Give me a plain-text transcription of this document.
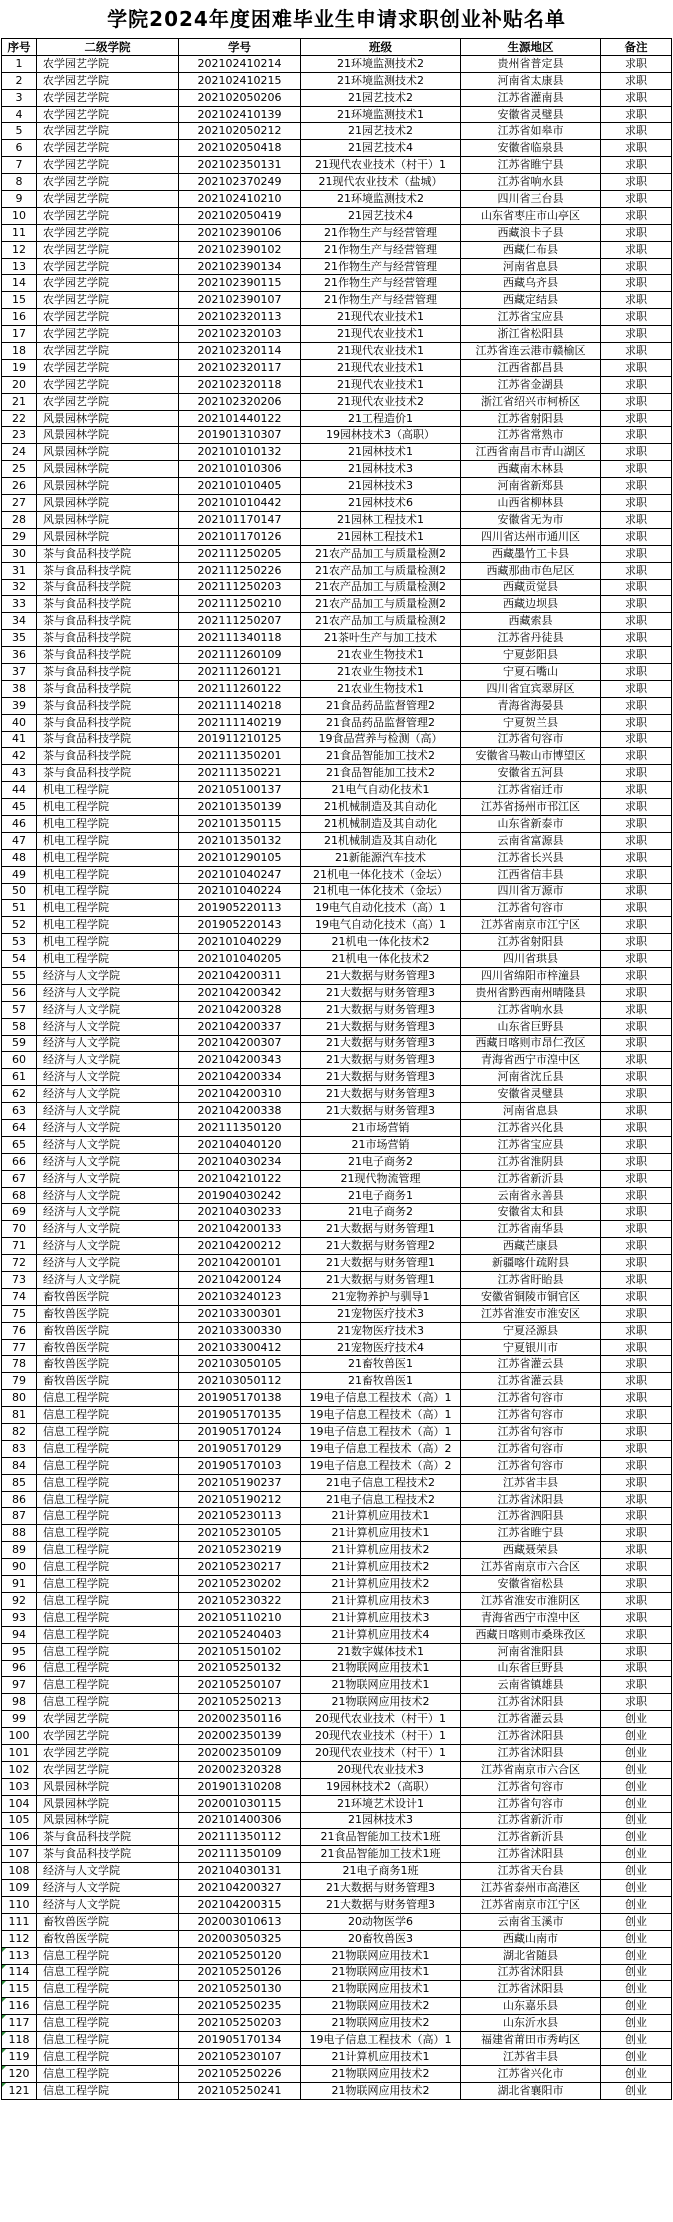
学院2024年度困难毕业生申请求职创业补贴名单
序号	二级学院	学号	班级	生源地区	备注
1	农学园艺学院	202102410214	21环境监测技术2	贵州省普定县	求职
2	农学园艺学院	202102410215	21环境监测技术2	河南省太康县	求职
3	农学园艺学院	202102050206	21园艺技术2	江苏省灌南县	求职
4	农学园艺学院	202102410139	21环境监测技术1	安徽省灵璧县	求职
5	农学园艺学院	202102050212	21园艺技术2	江苏省如皋市	求职
6	农学园艺学院	202102050418	21园艺技术4	安徽省临泉县	求职
7	农学园艺学院	202102350131	21现代农业技术（村干）1	江苏省睢宁县	求职
8	农学园艺学院	202102370249	21现代农业技术（盐城）	江苏省响水县	求职
9	农学园艺学院	202102410210	21环境监测技术2	四川省三台县	求职
10	农学园艺学院	202102050419	21园艺技术4	山东省枣庄市山亭区	求职
11	农学园艺学院	202102390106	21作物生产与经营管理	西藏浪卡子县	求职
12	农学园艺学院	202102390102	21作物生产与经营管理	西藏仁布县	求职
13	农学园艺学院	202102390134	21作物生产与经营管理	河南省息县	求职
14	农学园艺学院	202102390115	21作物生产与经营管理	西藏乌齐县	求职
15	农学园艺学院	202102390107	21作物生产与经营管理	西藏定结县	求职
16	农学园艺学院	202102320113	21现代农业技术1	江苏省宝应县	求职
17	农学园艺学院	202102320103	21现代农业技术1	浙江省松阳县	求职
18	农学园艺学院	202102320114	21现代农业技术1	江苏省连云港市赣榆区	求职
19	农学园艺学院	202102320117	21现代农业技术1	江西省都昌县	求职
20	农学园艺学院	202102320118	21现代农业技术1	江苏省金湖县	求职
21	农学园艺学院	202102320206	21现代农业技术2	浙江省绍兴市柯桥区	求职
22	风景园林学院	202101440122	21工程造价1	江苏省射阳县	求职
23	风景园林学院	201901310307	19园林技术3（高职）	江苏省常熟市	求职
24	风景园林学院	202101010132	21园林技术1	江西省南昌市青山湖区	求职
25	风景园林学院	202101010306	21园林技术3	西藏南木林县	求职
26	风景园林学院	202101010405	21园林技术3	河南省新郑县	求职
27	风景园林学院	202101010442	21园林技术6	山西省柳林县	求职
28	风景园林学院	202101170147	21园林工程技术1	安徽省无为市	求职
29	风景园林学院	202101170126	21园林工程技术1	四川省达州市通川区	求职
30	茶与食品科技学院	202111250205	21农产品加工与质量检测2	西藏墨竹工卡县	求职
31	茶与食品科技学院	202111250226	21农产品加工与质量检测2	西藏那曲市色尼区	求职
32	茶与食品科技学院	202111250203	21农产品加工与质量检测2	西藏贡觉县	求职
33	茶与食品科技学院	202111250210	21农产品加工与质量检测2	西藏边坝县	求职
34	茶与食品科技学院	202111250207	21农产品加工与质量检测2	西藏索县	求职
35	茶与食品科技学院	202111340118	21茶叶生产与加工技术	江苏省丹徒县	求职
36	茶与食品科技学院	202111260109	21农业生物技术1	宁夏彭阳县	求职
37	茶与食品科技学院	202111260121	21农业生物技术1	宁夏石嘴山	求职
38	茶与食品科技学院	202111260122	21农业生物技术1	四川省宜宾翠屏区	求职
39	茶与食品科技学院	202111140218	21食品药品监督管理2	青海省海晏县	求职
40	茶与食品科技学院	202111140219	21食品药品监督管理2	宁夏贺兰县	求职
41	茶与食品科技学院	201911210125	19食品营养与检测（高）	江苏省句容市	求职
42	茶与食品科技学院	202111350201	21食品智能加工技术2	安徽省马鞍山市博望区	求职
43	茶与食品科技学院	202111350221	21食品智能加工技术2	安徽省五河县	求职
44	机电工程学院	202105100137	21电气自动化技术1	江苏省宿迁市	求职
45	机电工程学院	202101350139	21机械制造及其自动化	江苏省扬州市邗江区	求职
46	机电工程学院	202101350115	21机械制造及其自动化	山东省新泰市	求职
47	机电工程学院	202101350132	21机械制造及其自动化	云南省富源县	求职
48	机电工程学院	202101290105	21新能源汽车技术	江苏省长兴县	求职
49	机电工程学院	202101040247	21机电一体化技术（金坛）	江西省信丰县	求职
50	机电工程学院	202101040224	21机电一体化技术（金坛）	四川省万源市	求职
51	机电工程学院	201905220113	19电气自动化技术（高）1	江苏省句容市	求职
52	机电工程学院	201905220143	19电气自动化技术（高）1	江苏省南京市江宁区	求职
53	机电工程学院	202101040229	21机电一体化技术2	江苏省射阳县	求职
54	机电工程学院	202101040205	21机电一体化技术2	四川省珙县	求职
55	经济与人文学院	202104200311	21大数据与财务管理3	四川省绵阳市梓潼县	求职
56	经济与人文学院	202104200342	21大数据与财务管理3	贵州省黔西南州晴隆县	求职
57	经济与人文学院	202104200328	21大数据与财务管理3	江苏省响水县	求职
58	经济与人文学院	202104200337	21大数据与财务管理3	山东省巨野县	求职
59	经济与人文学院	202104200307	21大数据与财务管理3	西藏日喀则市昂仁孜区	求职
60	经济与人文学院	202104200343	21大数据与财务管理3	青海省西宁市湟中区	求职
61	经济与人文学院	202104200334	21大数据与财务管理3	河南省沈丘县	求职
62	经济与人文学院	202104200310	21大数据与财务管理3	安徽省灵璧县	求职
63	经济与人文学院	202104200338	21大数据与财务管理3	河南省息县	求职
64	经济与人文学院	202111350120	21市场营销	江苏省兴化县	求职
65	经济与人文学院	202104040120	21市场营销	江苏省宝应县	求职
66	经济与人文学院	202104030234	21电子商务2	江苏省淮阴县	求职
67	经济与人文学院	202104210122	21现代物流管理	江苏省新沂县	求职
68	经济与人文学院	201904030242	21电子商务1	云南省永善县	求职
69	经济与人文学院	202104030233	21电子商务2	安徽省太和县	求职
70	经济与人文学院	202104200133	21大数据与财务管理1	江苏省南华县	求职
71	经济与人文学院	202104200212	21大数据与财务管理2	西藏芒康县	求职
72	经济与人文学院	202104200101	21大数据与财务管理1	新疆喀什疏附县	求职
73	经济与人文学院	202104200124	21大数据与财务管理1	江苏省盱眙县	求职
74	畜牧兽医学院	202103240123	21宠物养护与驯导1	安徽省铜陵市铜官区	求职
75	畜牧兽医学院	202103300301	21宠物医疗技术3	江苏省淮安市淮安区	求职
76	畜牧兽医学院	202103300330	21宠物医疗技术3	宁夏泾源县	求职
77	畜牧兽医学院	202103300412	21宠物医疗技术4	宁夏银川市	求职
78	畜牧兽医学院	202103050105	21畜牧兽医1	江苏省灌云县	求职
79	畜牧兽医学院	202103050112	21畜牧兽医1	江苏省灌云县	求职
80	信息工程学院	201905170138	19电子信息工程技术（高）1	江苏省句容市	求职
81	信息工程学院	201905170135	19电子信息工程技术（高）1	江苏省句容市	求职
82	信息工程学院	201905170124	19电子信息工程技术（高）1	江苏省句容市	求职
83	信息工程学院	201905170129	19电子信息工程技术（高）2	江苏省句容市	求职
84	信息工程学院	201905170103	19电子信息工程技术（高）2	江苏省句容市	求职
85	信息工程学院	202105190237	21电子信息工程技术2	江苏省丰县	求职
86	信息工程学院	202105190212	21电子信息工程技术2	江苏省沭阳县	求职
87	信息工程学院	202105230113	21计算机应用技术1	江苏省泗阳县	求职
88	信息工程学院	202105230105	21计算机应用技术1	江苏省睢宁县	求职
89	信息工程学院	202105230219	21计算机应用技术2	西藏聂荣县	求职
90	信息工程学院	202105230217	21计算机应用技术2	江苏省南京市六合区	求职
91	信息工程学院	202105230202	21计算机应用技术2	安徽省宿松县	求职
92	信息工程学院	202105230322	21计算机应用技术3	江苏省淮安市淮阴区	求职
93	信息工程学院	202105110210	21计算机应用技术3	青海省西宁市湟中区	求职
94	信息工程学院	202105240403	21计算机应用技术4	西藏日喀则市桑珠孜区	求职
95	信息工程学院	202105150102	21数字媒体技术1	河南省淮阳县	求职
96	信息工程学院	202105250132	21物联网应用技术1	山东省巨野县	求职
97	信息工程学院	202105250107	21物联网应用技术1	云南省镇雄县	求职
98	信息工程学院	202105250213	21物联网应用技术2	江苏省沭阳县	求职
99	农学园艺学院	202002350116	20现代农业技术（村干）1	江苏省灌云县	创业
100	农学园艺学院	202002350139	20现代农业技术（村干）1	江苏省沭阳县	创业
101	农学园艺学院	202002350109	20现代农业技术（村干）1	江苏省沭阳县	创业
102	农学园艺学院	202002320328	20现代农业技术3	江苏省南京市六合区	创业
103	风景园林学院	201901310208	19园林技术2（高职）	江苏省句容市	创业
104	风景园林学院	202001030115	21环境艺术设计1	江苏省句容市	创业
105	风景园林学院	202101400306	21园林技术3	江苏省新沂市	创业
106	茶与食品科技学院	202111350112	21食品智能加工技术1班	江苏省新沂县	创业
107	茶与食品科技学院	202111350109	21食品智能加工技术1班	江苏省沭阳县	创业
108	经济与人文学院	202104030131	21电子商务1班	江苏省天台县	创业
109	经济与人文学院	202104200327	21大数据与财务管理3	江苏省泰州市高港区	创业
110	经济与人文学院	202104200315	21大数据与财务管理3	江苏省南京市江宁区	创业
111	畜牧兽医学院	202003010613	20动物医学6	云南省玉溪市	创业
112	畜牧兽医学院	202003050325	20畜牧兽医3	西藏山南市	创业
113	信息工程学院	202105250120	21物联网应用技术1	湖北省随县	创业
114	信息工程学院	202105250126	21物联网应用技术1	江苏省沭阳县	创业
115	信息工程学院	202105250130	21物联网应用技术1	江苏省沭阳县	创业
116	信息工程学院	202105250235	21物联网应用技术2	山东嘉乐县	创业
117	信息工程学院	202105250203	21物联网应用技术2	山东沂水县	创业
118	信息工程学院	201905170134	19电子信息工程技术（高）1	福建省莆田市秀屿区	创业
119	信息工程学院	202105230107	21计算机应用技术1	江苏省丰县	创业
120	信息工程学院	202105250226	21物联网应用技术2	江苏省兴化市	创业
121	信息工程学院	202105250241	21物联网应用技术2	湖北省襄阳市	创业
